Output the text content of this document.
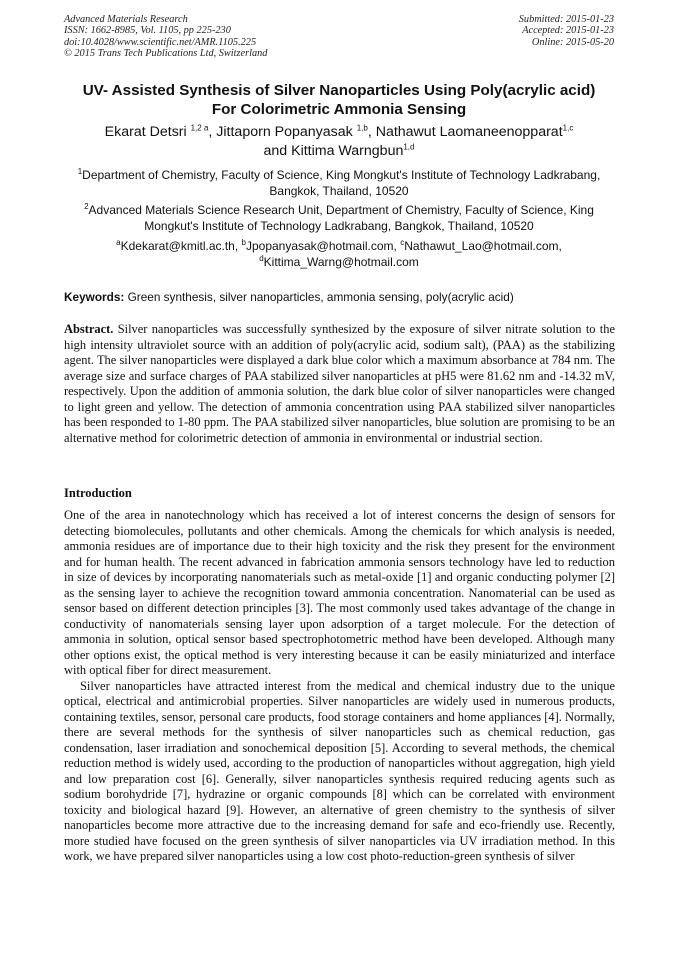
Advanced Materials Research
ISSN: 1662-8985, Vol. 1105, pp 225-230
doi:10.4028/www.scientific.net/AMR.1105.225
© 2015 Trans Tech Publications Ltd, Switzerland
Submitted: 2015-01-23
Accepted: 2015-01-23
Online: 2015-05-20
UV- Assisted Synthesis of Silver Nanoparticles Using Poly(acrylic acid)
For Colorimetric Ammonia Sensing
Ekarat Detsri $^{1,2 a}$, Jittaporn Popanyasak $^{1,b}$, Nathawut Laomaneenopparat$^{1,c}$
and Kittima Warngbun$^{1,d}$
$^1$Department of Chemistry, Faculty of Science, King Mongkut's Institute of Technology Ladkrabang, Bangkok, Thailand, 10520
$^2$Advanced Materials Science Research Unit, Department of Chemistry, Faculty of Science, King Mongkut's Institute of Technology Ladkrabang, Bangkok, Thailand, 10520
$^a$Kdekarat@kmitl.ac.th, $^b$Jpopanyasak@hotmail.com, $^c$Nathawut_Lao@hotmail.com,
$^d$Kittima_Warng@hotmail.com
Keywords: Green synthesis, silver nanoparticles, ammonia sensing, poly(acrylic acid)
Abstract. Silver nanoparticles was successfully synthesized by the exposure of silver nitrate solution to the high intensity ultraviolet source with an addition of poly(acrylic acid, sodium salt), (PAA) as the stabilizing agent. The silver nanoparticles were displayed a dark blue color which a maximum absorbance at 784 nm. The average size and surface charges of PAA stabilized silver nanoparticles at pH5 were 81.62 nm and -14.32 mV, respectively. Upon the addition of ammonia solution, the dark blue color of silver nanoparticles were changed to light green and yellow. The detection of ammonia concentration using PAA stabilized silver nanoparticles has been responded to 1-80 ppm. The PAA stabilized silver nanoparticles, blue solution are promising to be an alternative method for colorimetric detection of ammonia in environmental or industrial section.
Introduction

One of the area in nanotechnology which has received a lot of interest concerns the design of sensors for detecting biomolecules, pollutants and other chemicals. Among the chemicals for which analysis is needed, ammonia residues are of importance due to their high toxicity and the risk they present for the environment and for human health. The recent advanced in fabrication ammonia sensors technology have led to reduction in size of devices by incorporating nanomaterials such as metal-oxide [1] and organic conducting polymer [2] as the sensing layer to achieve the recognition toward ammonia concentration. Nanomaterial can be used as sensor based on different detection principles [3]. The most commonly used takes advantage of the change in conductivity of nanomaterials sensing layer upon adsorption of a target molecule. For the detection of ammonia in solution, optical sensor based spectrophotometric method have been developed. Although many other options exist, the optical method is very interesting because it can be easily miniaturized and interface with optical fiber for direct measurement.

Silver nanoparticles have attracted interest from the medical and chemical industry due to the unique optical, electrical and antimicrobial properties. Silver nanoparticles are widely used in numerous products, containing textiles, sensor, personal care products, food storage containers and home appliances [4]. Normally, there are several methods for the synthesis of silver nanoparticles such as chemical reduction, gas condensation, laser irradiation and sonochemical deposition [5]. According to several methods, the chemical reduction method is widely used, according to the production of nanoparticles without aggregation, high yield and low preparation cost [6]. Generally, silver nanoparticles synthesis required reducing agents such as sodium borohydride [7], hydrazine or organic compounds [8] which can be correlated with environment toxicity and biological hazard [9]. However, an alternative of green chemistry to the synthesis of silver nanoparticles become more attractive due to the increasing demand for safe and eco-friendly use. Recently, more studied have focused on the green synthesis of silver nanoparticles via UV irradiation method. In this work, we have prepared silver nanoparticles using a low cost photo-reduction-green synthesis of silver
